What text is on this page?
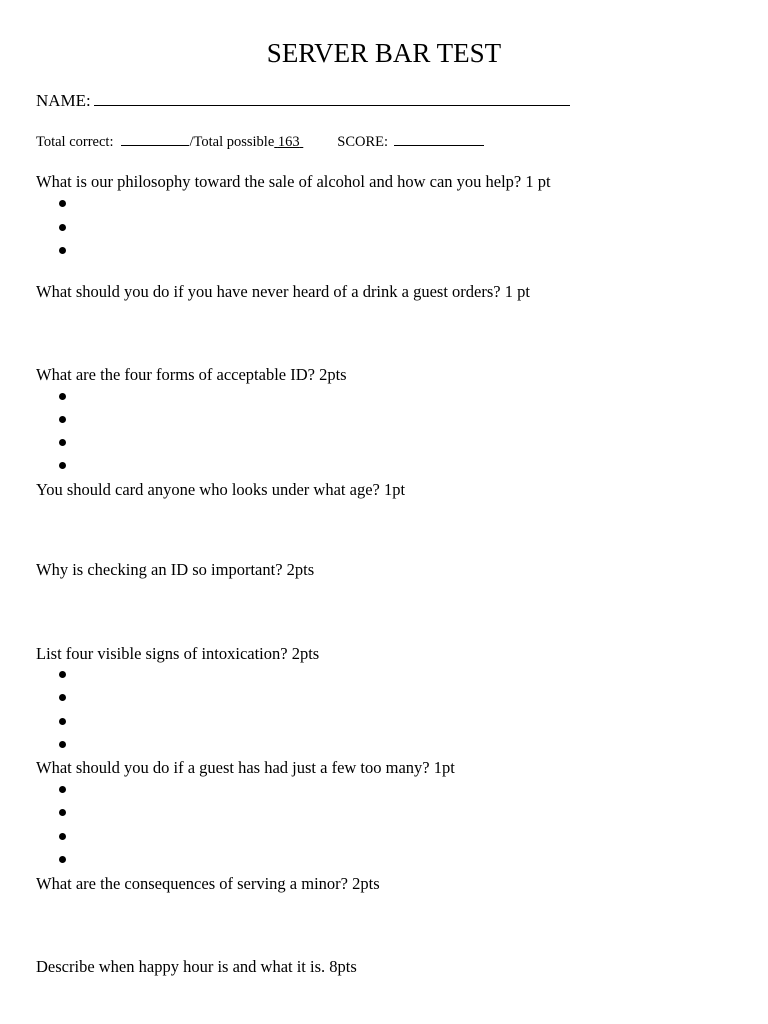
SERVER BAR TEST
NAME:
Total correct:	/Total possible 163	SCORE:
What is our philosophy toward the sale of alcohol and how can you help? 1 pt
What should you do if you have never heard of a drink a guest orders? 1 pt
What are the four forms of acceptable ID? 2pts
You should card anyone who looks under what age? 1pt
Why is checking an ID so important? 2pts
List four visible signs of intoxication? 2pts
What should you do if a guest has had just a few too many? 1pt
What are the consequences of serving a minor? 2pts
Describe when happy hour is and what it is. 8pts
